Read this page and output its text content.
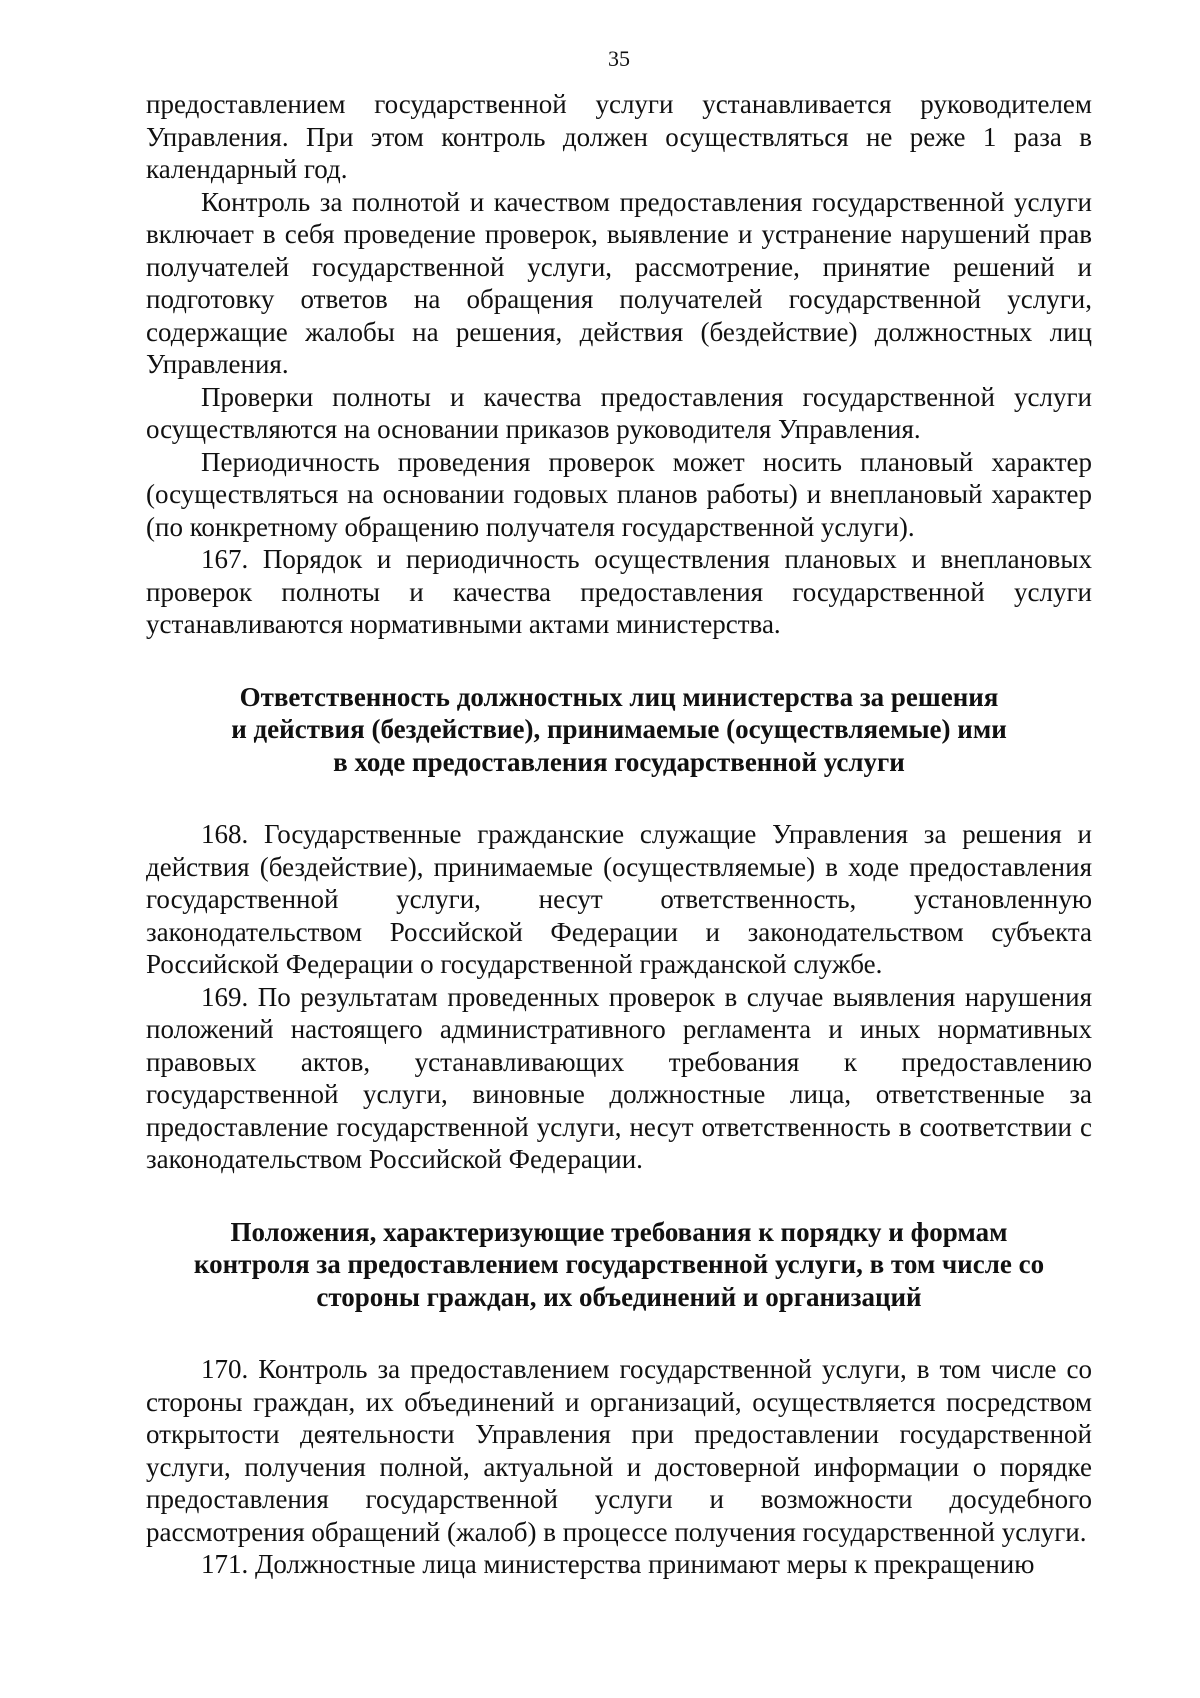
35

предоставлением государственной услуги устанавливается руководителем Управления. При этом контроль должен осуществляться не реже 1 раза в календарный год.

Контроль за полнотой и качеством предоставления государственной услуги включает в себя проведение проверок, выявление и устранение нарушений прав получателей государственной услуги, рассмотрение, принятие решений и подготовку ответов на обращения получателей государственной услуги, содержащие жалобы на решения, действия (бездействие) должностных лиц Управления.

Проверки полноты и качества предоставления государственной услуги осуществляются на основании приказов руководителя Управления.

Периодичность проведения проверок может носить плановый характер (осуществляться на основании годовых планов работы) и внеплановый характер (по конкретному обращению получателя государственной услуги).

167. Порядок и периодичность осуществления плановых и внеплановых проверок полноты и качества предоставления государственной услуги устанавливаются нормативными актами министерства.

Ответственность должностных лиц министерства за решения

и действия (бездействие), принимаемые (осуществляемые) ими

в ходе предоставления государственной услуги

168. Государственные гражданские служащие Управления за решения и действия (бездействие), принимаемые (осуществляемые) в ходе предоставления государственной услуги, несут ответственность, установленную законодательством Российской Федерации и законодательством субъекта Российской Федерации о государственной гражданской службе.

169. По результатам проведенных проверок в случае выявления нарушения положений настоящего административного регламента и иных нормативных правовых актов, устанавливающих требования к предоставлению государственной услуги, виновные должностные лица, ответственные за предоставление государственной услуги, несут ответственность в соответствии с законодательством Российской Федерации.

Положения, характеризующие требования к порядку и формам

контроля за предоставлением государственной услуги, в том числе со

стороны граждан, их объединений и организаций

170. Контроль за предоставлением государственной услуги, в том числе со стороны граждан, их объединений и организаций, осуществляется посредством открытости деятельности Управления при предоставлении государственной услуги, получения полной, актуальной и достоверной информации о порядке предоставления государственной услуги и возможности досудебного рассмотрения обращений (жалоб) в процессе получения государственной услуги.

171. Должностные лица министерства принимают меры к прекращению
